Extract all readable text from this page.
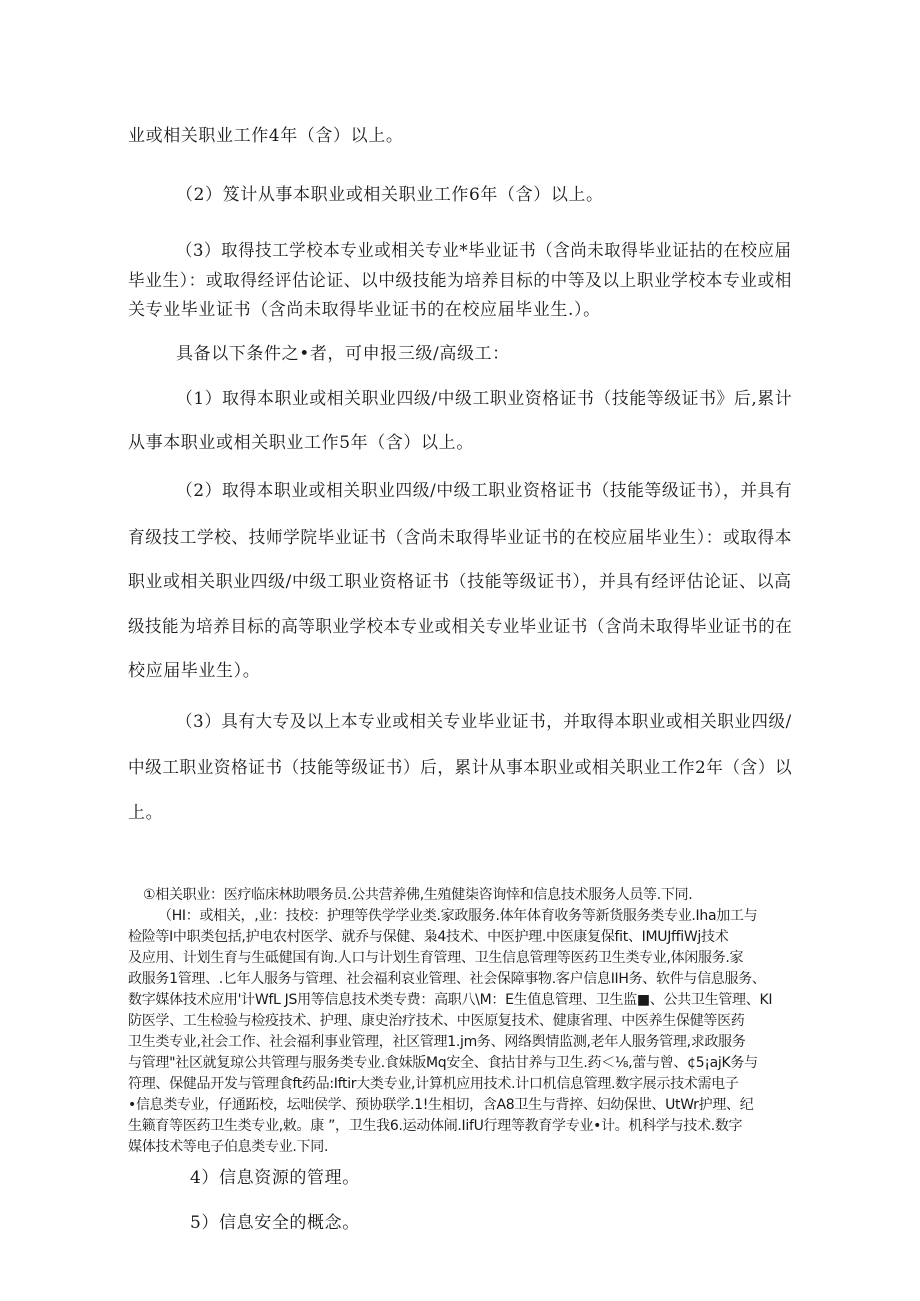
业或相关职业工作4年（含）以上。
（2）笈计从事本职业或相关职业工作6年（含）以上。
（3）取得技工学校本专业或相关专业*毕业证书（含尚未取得毕业证拈的在校应届
毕业生）：或取得经评估论证、以中级技能为培养目标的中等及以上职业学校本专业或相
关专业毕业证书（含尚未取得毕业证书的在校应届毕业生.）。
具备以下条件之•者，可申报三级/高级工：
（1）取得本职业或相关职业四级/中级工职业资格证书（技能等级证书》后,累计
从事本职业或相关职业工作5年（含）以上。
（2）取得本职业或相关职业四级/中级工职业资格证书（技能等级证书），并具有
育级技工学校、技师学院毕业证书（含尚未取得毕业证书的在校应届毕业生）：或取得本
职业或相关职业四级/中级工职业资格证书（技能等级证书），并具有经评估论证、以高
级技能为培养目标的高等职业学校本专业或相关专业毕业证书（含尚未取得毕业证书的在
校应届毕业生）。
（3）具有大专及以上本专业或相关专业毕业证书，并取得本职业或相关职业四级/
中级工职业资格证书（技能等级证书）后，累计从事本职业或相关职业工作2年（含）以
上。
①相关职业：医疗临床林助喂务员.公共营养佛,生殖健柒咨询悻和信息技术服务人员等.下同.
（HI：或相关，,业：技校：护理等佚学学业类.家政服务.体年体育收务等新货服务类专业.Iha加工与
检险等I中职类包括,护电农村医学、就乔与保健、枭4技术、中医护理.中医康复保fit、IMUJffiWj技术
及应用、计划生育与生砥健国有询.人口与计划生育管理、卫生信息管理等医药卫生类专业,体闲服务.家
政服务1管理、.匕年人服务与管理、社会福利哀业管理、社会保障事物.客户信息IIH务、软件与信息服务、
数字媒体技术应用'计WfL JS用等信息技术类专费：高职八\M：E生值息管理、卫生监■、公共卫生管理、KI
防医学、工生检验与检疫技术、护理、康史治疗技术、中医原复技术、健康省理、中医养生保健等医药
卫生类专业,社会工作、社会福利事业管理，社区管理1.jm务、网络舆情监测,老年人服务管理,求政服务
与管理"社区就复琼公共管理与服务类专业.食妹版Mq安全、食拈甘养与卫生.药＜⅛,蕾与曾、¢5¡ajK务与
符理、保健品开发与管理食ft药品:Iftir大类专业,计算机应用技术.计口机信息管理.数字展示技术需电子
•信息类专业，仔通跖校，坛咄侯学、预协联学.1!生相切，含A8卫生与背捽、妇幼保世、UtWr护理、纪
生籁育等医药卫生类专业,敕。康 ”，卫生我6.运动体闹.IifU行理等教育学专业•计。机科学与技术.数字
媒体技术等电子伯息类专业.下同.
4）信息资源的管理。
5）信息安全的概念。
